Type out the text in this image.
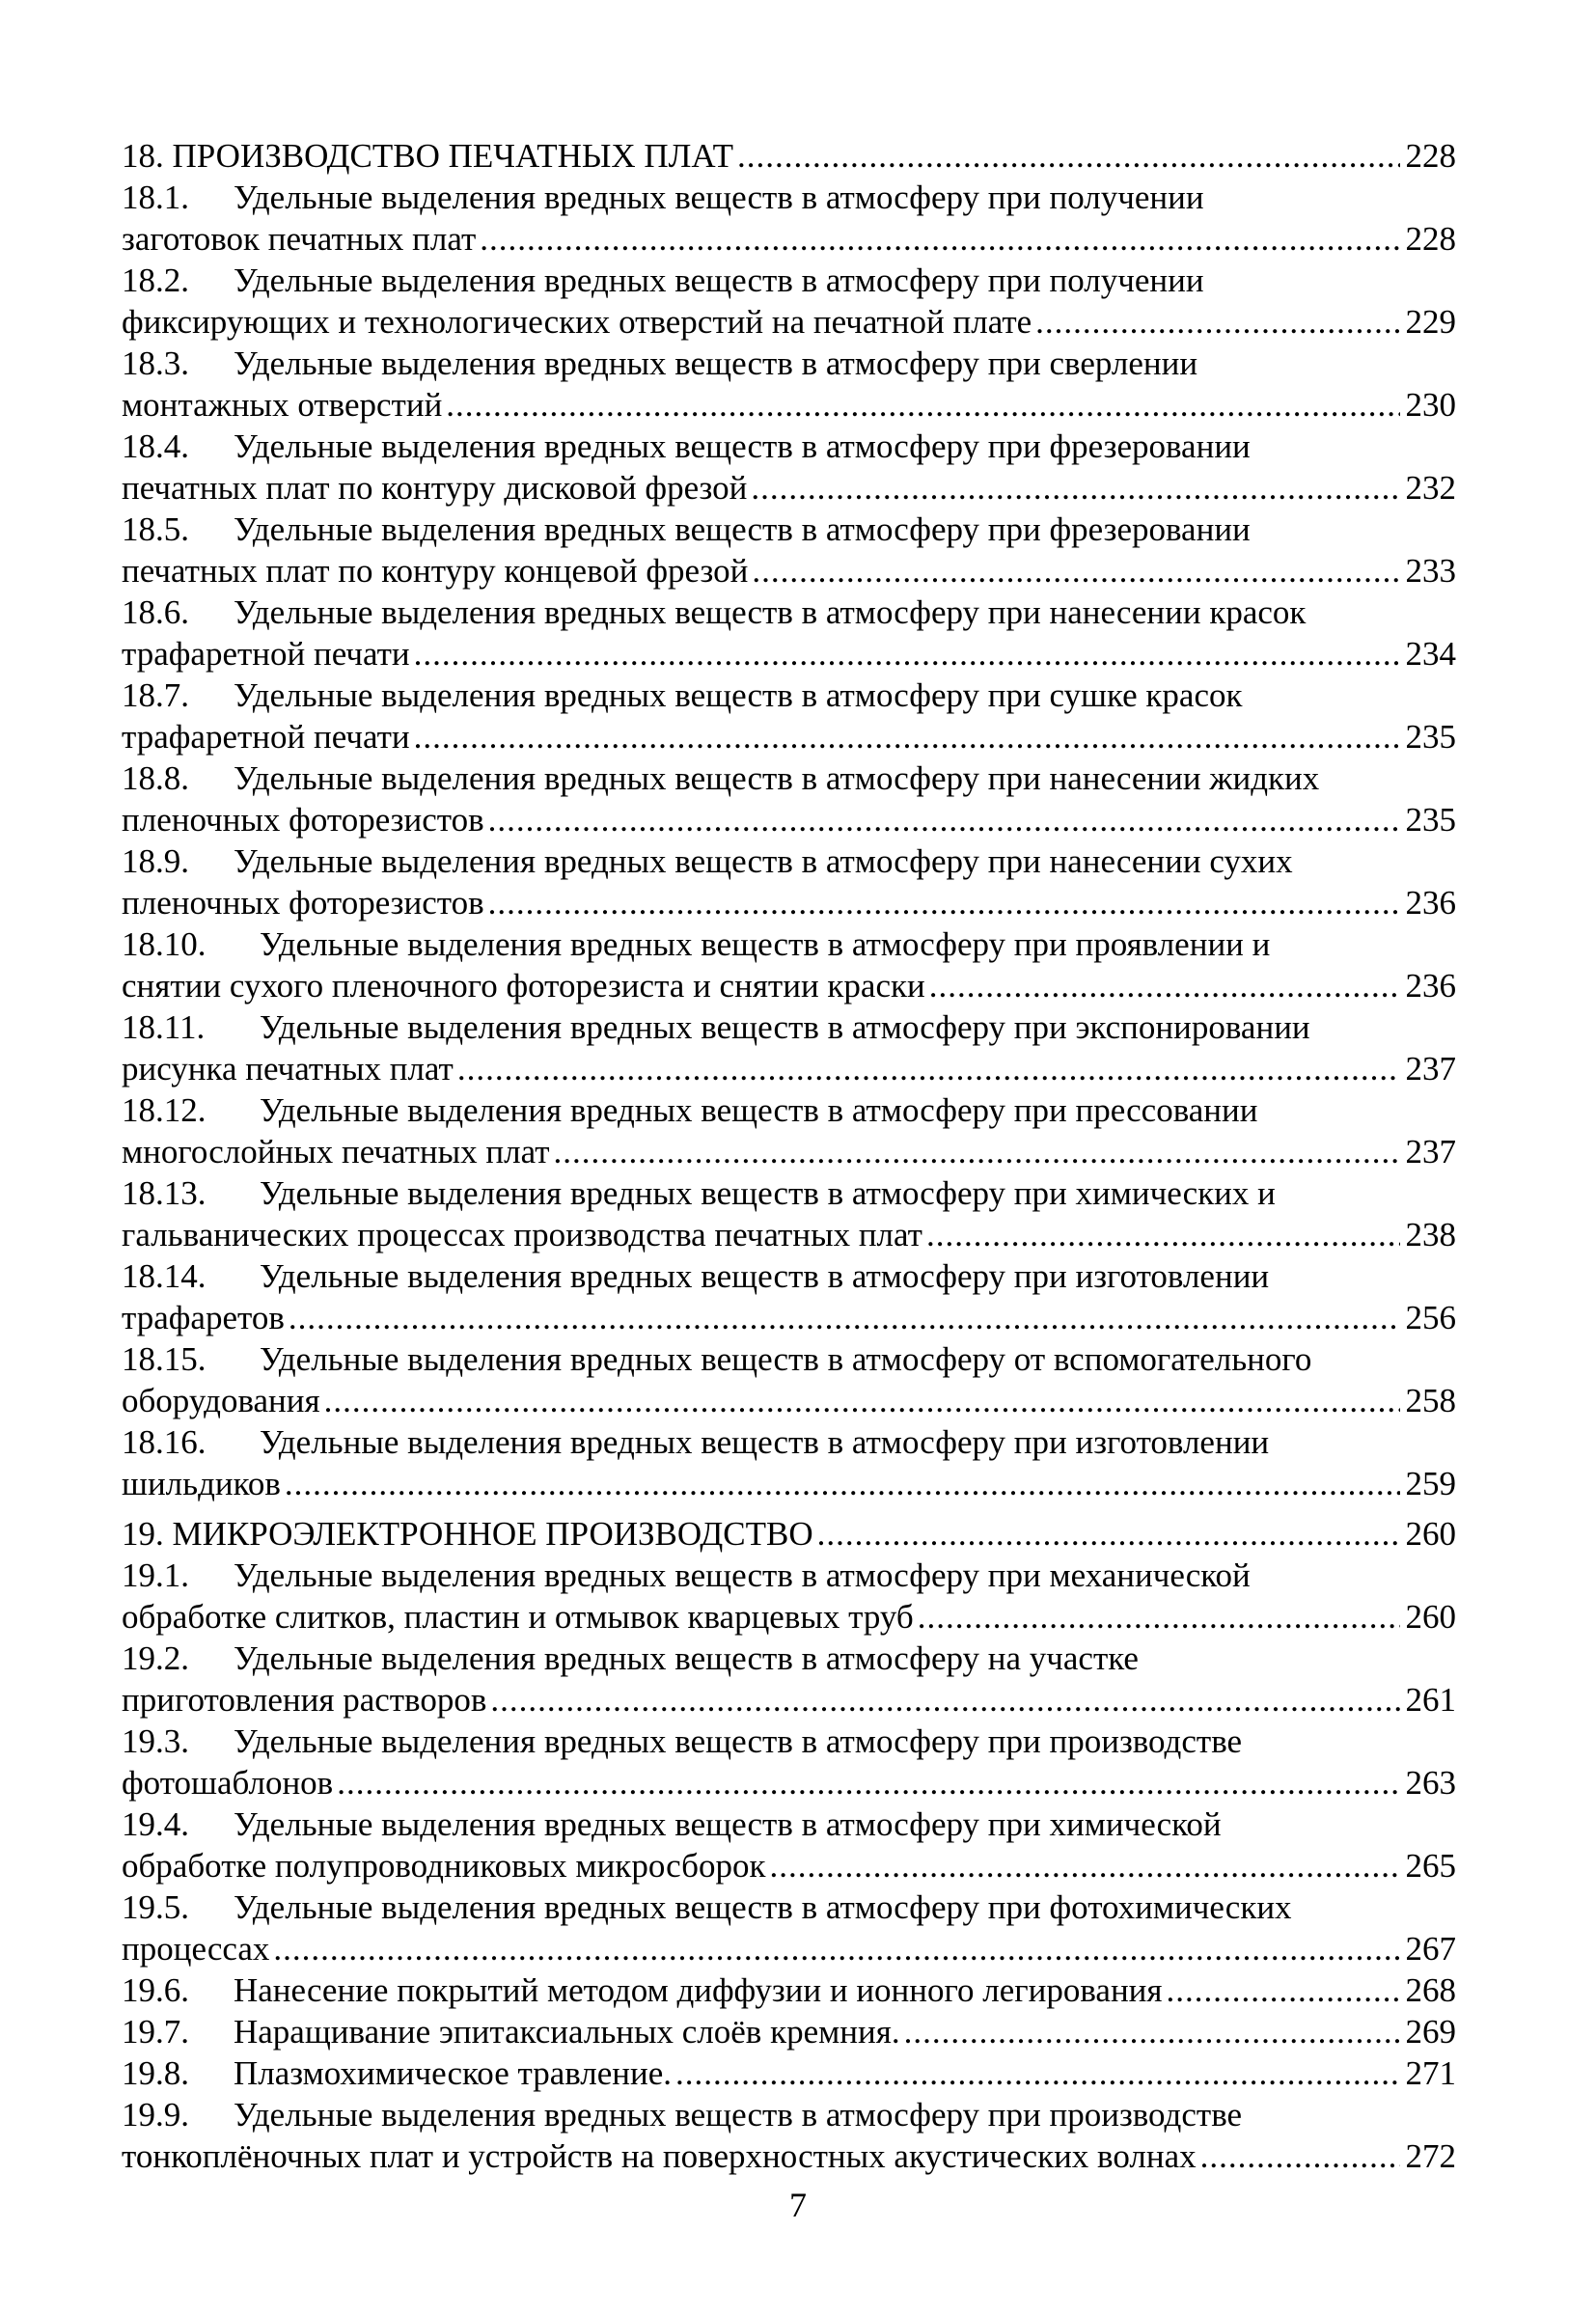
18. ПРОИЗВОДСТВО ПЕЧАТНЫХ ПЛАТ .....	228
18.1.	Удельные выделения вредных веществ в атмосферу при получении
заготовок печатных плат .....	228
18.2.	Удельные выделения вредных веществ в атмосферу при получении
фиксирующих и технологических отверстий на печатной плате .....	229
18.3.	Удельные выделения вредных веществ в атмосферу при сверлении
монтажных отверстий .....	230
18.4.	Удельные выделения вредных веществ в атмосферу при фрезеровании
печатных плат по контуру дисковой фрезой .....	232
18.5.	Удельные выделения вредных веществ в атмосферу при фрезеровании
печатных плат по контуру концевой фрезой .....	233
18.6.	Удельные выделения вредных веществ в атмосферу при нанесении красок
трафаретной печати .....	234
18.7.	Удельные выделения вредных веществ в атмосферу при сушке красок
трафаретной печати .....	235
18.8.	Удельные выделения вредных веществ в атмосферу при нанесении жидких
пленочных фоторезистов .....	235
18.9.	Удельные выделения вредных веществ в атмосферу при нанесении сухих
пленочных фоторезистов .....	236
18.10.	Удельные выделения вредных веществ в атмосферу при проявлении и
снятии сухого пленочного фоторезиста и снятии краски .....	236
18.11.	Удельные выделения вредных веществ в атмосферу при экспонировании
рисунка печатных плат .....	237
18.12.	Удельные выделения вредных веществ в атмосферу при прессовании
многослойных печатных плат .....	237
18.13.	Удельные выделения вредных веществ в атмосферу при химических и
гальванических процессах производства печатных плат .....	238
18.14.	Удельные выделения вредных веществ в атмосферу при изготовлении
трафаретов .....	256
18.15.	Удельные выделения вредных веществ в атмосферу от вспомогательного
оборудования .....	258
18.16.	Удельные выделения вредных веществ в атмосферу при изготовлении
шильдиков .....	259
19. МИКРОЭЛЕКТРОННОЕ ПРОИЗВОДСТВО .....	260
19.1.	Удельные выделения вредных веществ в атмосферу при механической
обработке слитков, пластин и отмывок кварцевых труб .....	260
19.2.	Удельные выделения вредных веществ в атмосферу на участке
приготовления растворов .....	261
19.3.	Удельные выделения вредных веществ в атмосферу при производстве
фотошаблонов .....	263
19.4.	Удельные выделения вредных веществ в атмосферу при химической
обработке полупроводниковых микросборок .....	265
19.5.	Удельные выделения вредных веществ в атмосферу при фотохимических
процессах .....	267
19.6.	Нанесение покрытий методом диффузии и ионного легирования .....	268
19.7.	Наращивание эпитаксиальных слоёв кремния. .....	269
19.8.	Плазмохимическое травление. .....	271
19.9.	Удельные выделения вредных веществ в атмосферу при производстве
тонкоплёночных плат и устройств на поверхностных акустических волнах .....	272
7
